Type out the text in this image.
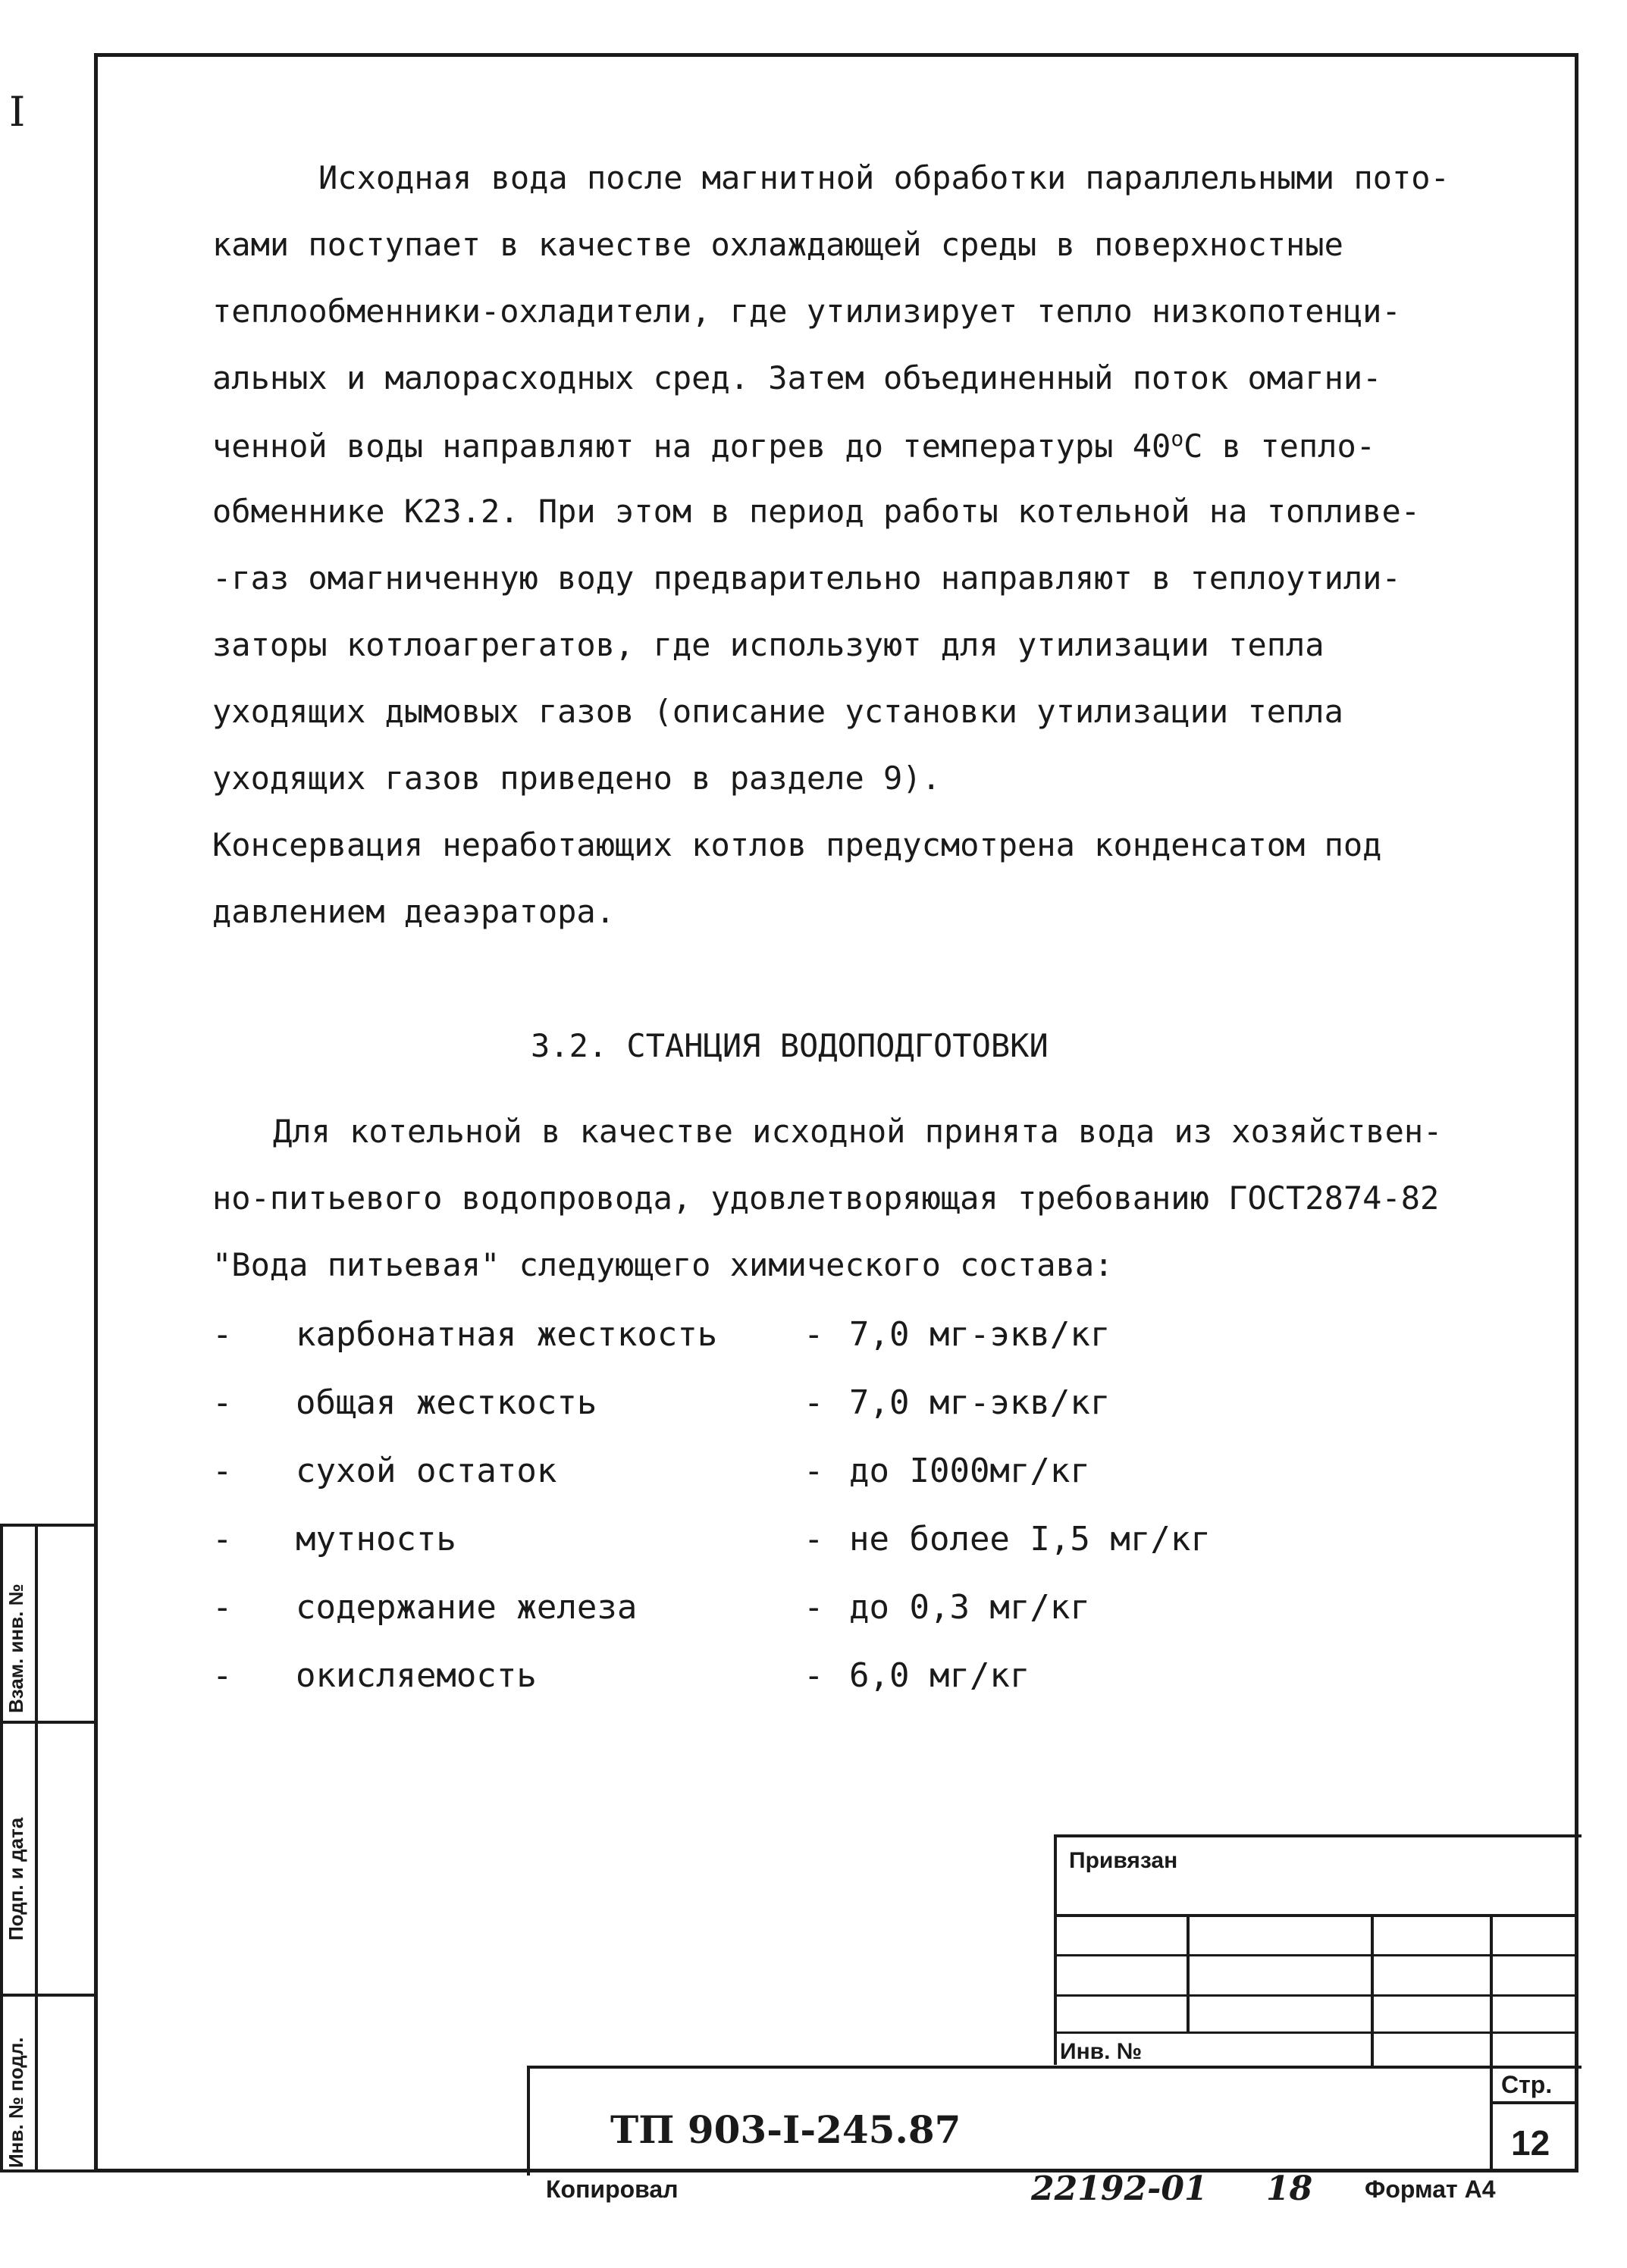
I
Исходная вода после магнитной обработки параллельными пото-
ками поступает в качестве охлаждающей среды в поверхностные
теплообменники-охладители, где утилизирует тепло низкопотенци-
альных и малорасходных сред. Затем объединенный поток омагни-
ченной воды направляют на догрев до температуры 40$^o$С в тепло-
обменнике К23.2. При этом в период работы котельной на топливе-
-газ омагниченную воду предварительно направляют в теплоутили-
заторы котлоагрегатов, где используют для утилизации тепла
уходящих дымовых газов (описание установки утилизации тепла
уходящих газов приведено в разделе 9).
Консервация неработающих котлов предусмотрена конденсатом под
давлением деаэратора.
3.2. СТАНЦИЯ ВОДОПОДГОТОВКИ
Для котельной в качестве исходной принята вода из хозяйствен-
но-питьевого водопровода, удовлетворяющая требованию ГОСТ2874-82
"Вода питьевая" следующего химического состава:
- карбонатная жесткость	- 7,0 мг-экв/кг
- общая жесткость	- 7,0 мг-экв/кг
- сухой остаток	- до I000мг/кг
- мутность	- не более I,5 мг/кг
- содержание железа	- до 0,3 мг/кг
- окисляемость	- 6,0 мг/кг
Взам. инв. №
Подп. и дата
Инв. № подл.
Привязан
Инв. №
Стр.
12
ТП 903-I-245.87
Копировал	22192-01 18 Формат А4
